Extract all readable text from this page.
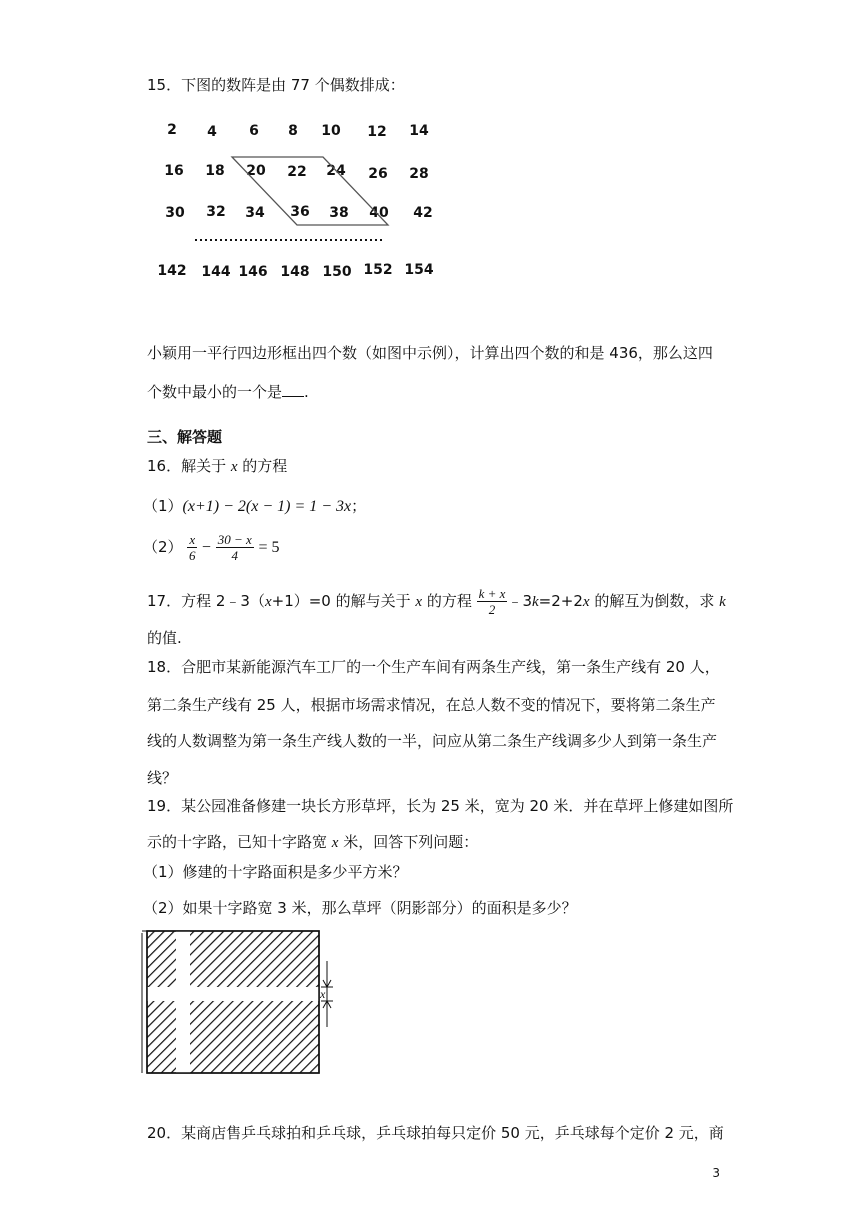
15．下图的数阵是由 77 个偶数排成：
2 4 6 8 10 12 14
16 18 20 22 24 26 28
30 32 34 36 38 40 42
142 144 146 148 150 152 154
小颖用一平行四边形框出四个数（如图中示例），计算出四个数的和是 436，那么这四
个数中最小的一个是 .
三、解答题
16．解关于 x 的方程
（1）(x+1) − 2(x − 1) = 1 − 3x；
$(2) \frac{x}{6} - \frac{30 - x}{4} = 5$
17．方程 2﹣3（x+1）=0 的解与关于 x 的方程 $\frac{k + x}{2}$ ﹣3k=2+2x 的解互为倒数，求 k
的值.
18．合肥市某新能源汽车工厂的一个生产车间有两条生产线，第一条生产线有 20 人，
第二条生产线有 25 人，根据市场需求情况，在总人数不变的情况下，要将第二条生产
线的人数调整为第一条生产线人数的一半，问应从第二条生产线调多少人到第一条生产
线？
19．某公园准备修建一块长方形草坪，长为 25 米，宽为 20 米．并在草坪上修建如图所
示的十字路，已知十字路宽 x 米，回答下列问题：
（1）修建的十字路面积是多少平方米？
（2）如果十字路宽 3 米，那么草坪（阴影部分）的面积是多少？
x
20．某商店售乒乓球拍和乒乓球，乒乓球拍每只定价 50 元，乒乓球每个定价 2 元，商
3
